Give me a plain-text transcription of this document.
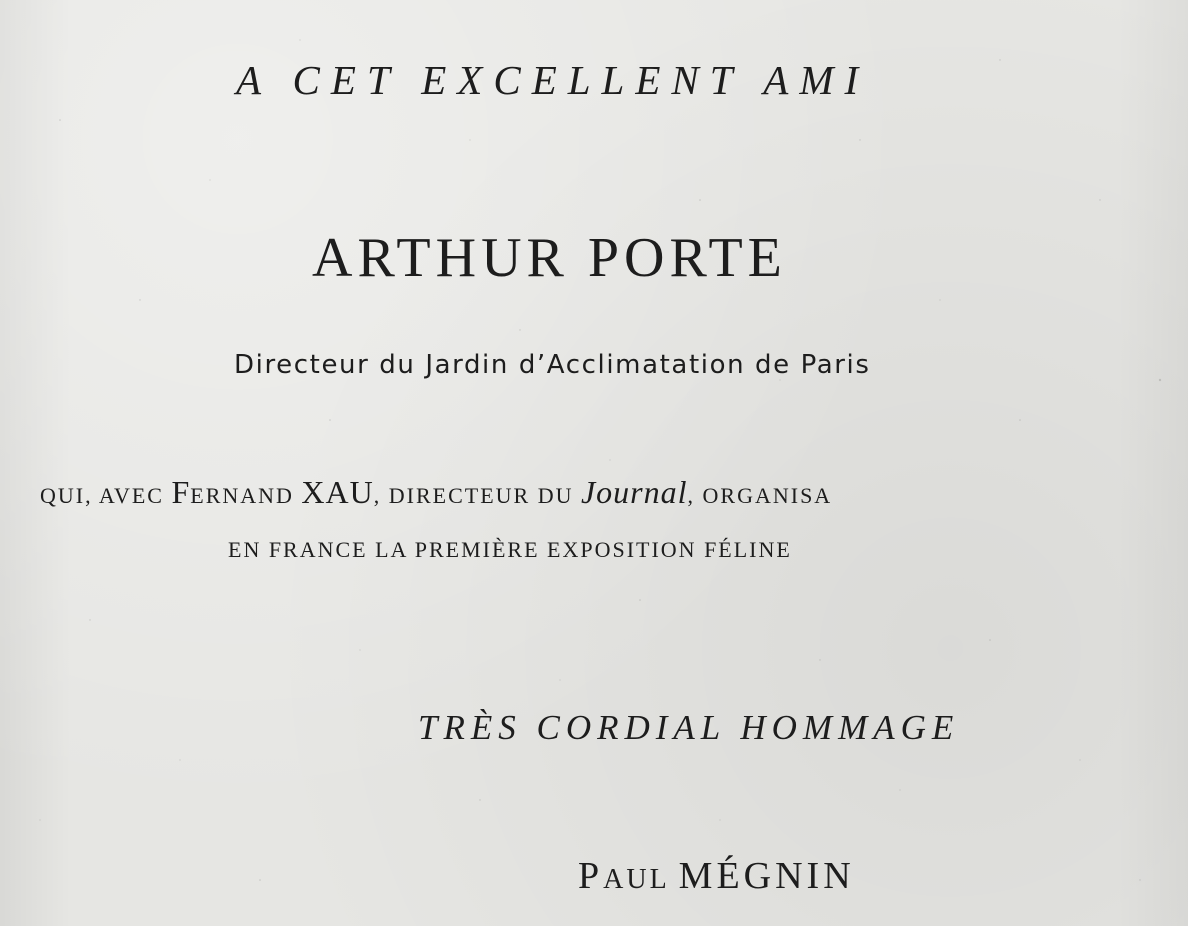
A CET EXCELLENT AMI
ARTHUR PORTE
Directeur du Jardin d’Acclimatation de Paris
QUI, AVEC FERNAND XAU, DIRECTEUR DU Journal, ORGANISA
EN FRANCE LA PREMIÈRE EXPOSITION FÉLINE
TRÈS CORDIAL HOMMAGE
PAUL MÉGNIN
